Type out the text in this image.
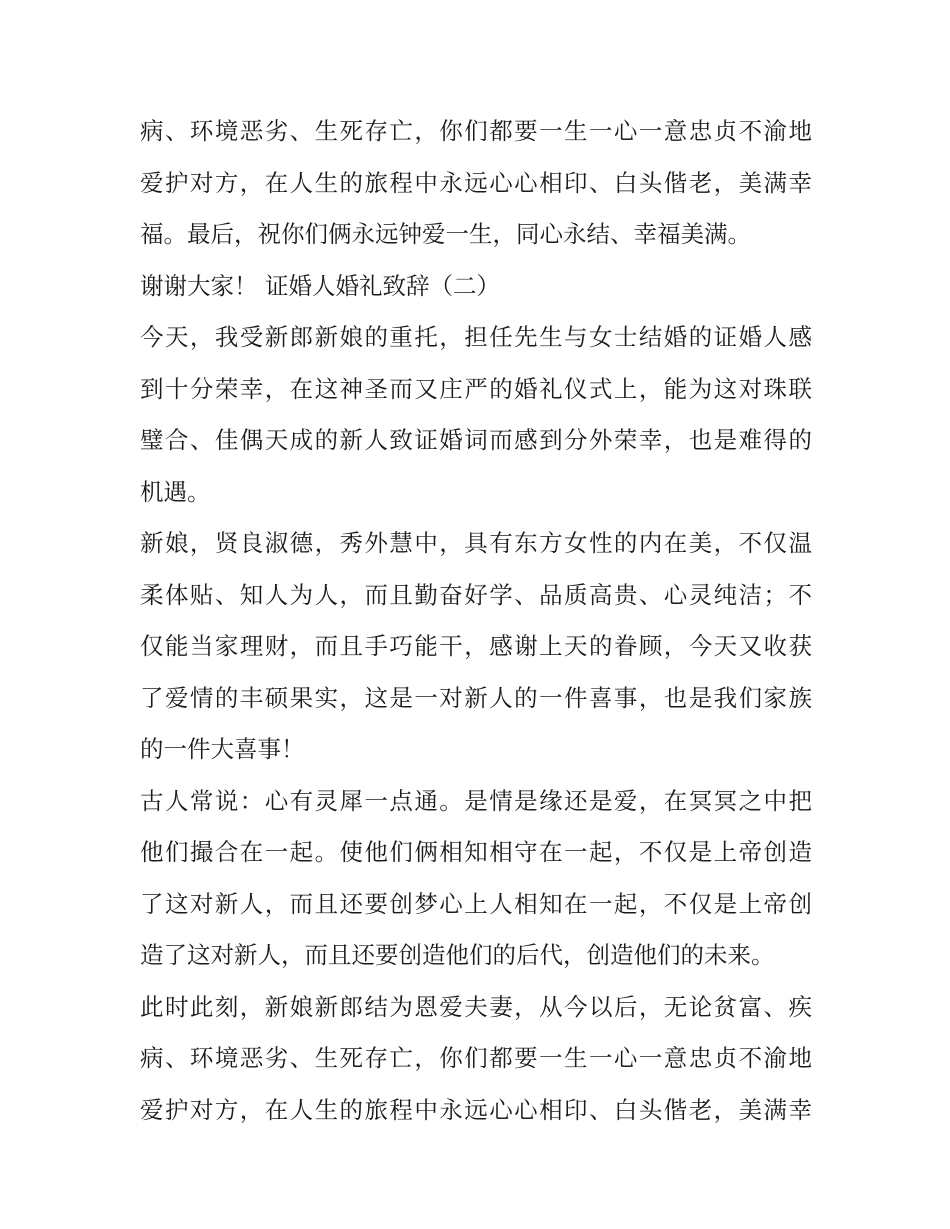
病、环境恶劣、生死存亡，你们都要一生一心一意忠贞不渝地
爱护对方，在人生的旅程中永远心心相印、白头偕老，美满幸
福。最后，祝你们俩永远钟爱一生，同心永结、幸福美满。
谢谢大家！ 证婚人婚礼致辞（二）
今天，我受新郎新娘的重托，担任先生与女士结婚的证婚人感
到十分荣幸，在这神圣而又庄严的婚礼仪式上，能为这对珠联
璧合、佳偶天成的新人致证婚词而感到分外荣幸，也是难得的
机遇。
新娘，贤良淑德，秀外慧中，具有东方女性的内在美，不仅温
柔体贴、知人为人，而且勤奋好学、品质高贵、心灵纯洁；不
仅能当家理财，而且手巧能干，感谢上天的眷顾，今天又收获
了爱情的丰硕果实，这是一对新人的一件喜事，也是我们家族
的一件大喜事！
古人常说：心有灵犀一点通。是情是缘还是爱，在冥冥之中把
他们撮合在一起。使他们俩相知相守在一起，不仅是上帝创造
了这对新人，而且还要创梦心上人相知在一起，不仅是上帝创
造了这对新人，而且还要创造他们的后代，创造他们的未来。
此时此刻，新娘新郎结为恩爱夫妻，从今以后，无论贫富、疾
病、环境恶劣、生死存亡，你们都要一生一心一意忠贞不渝地
爱护对方，在人生的旅程中永远心心相印、白头偕老，美满幸
